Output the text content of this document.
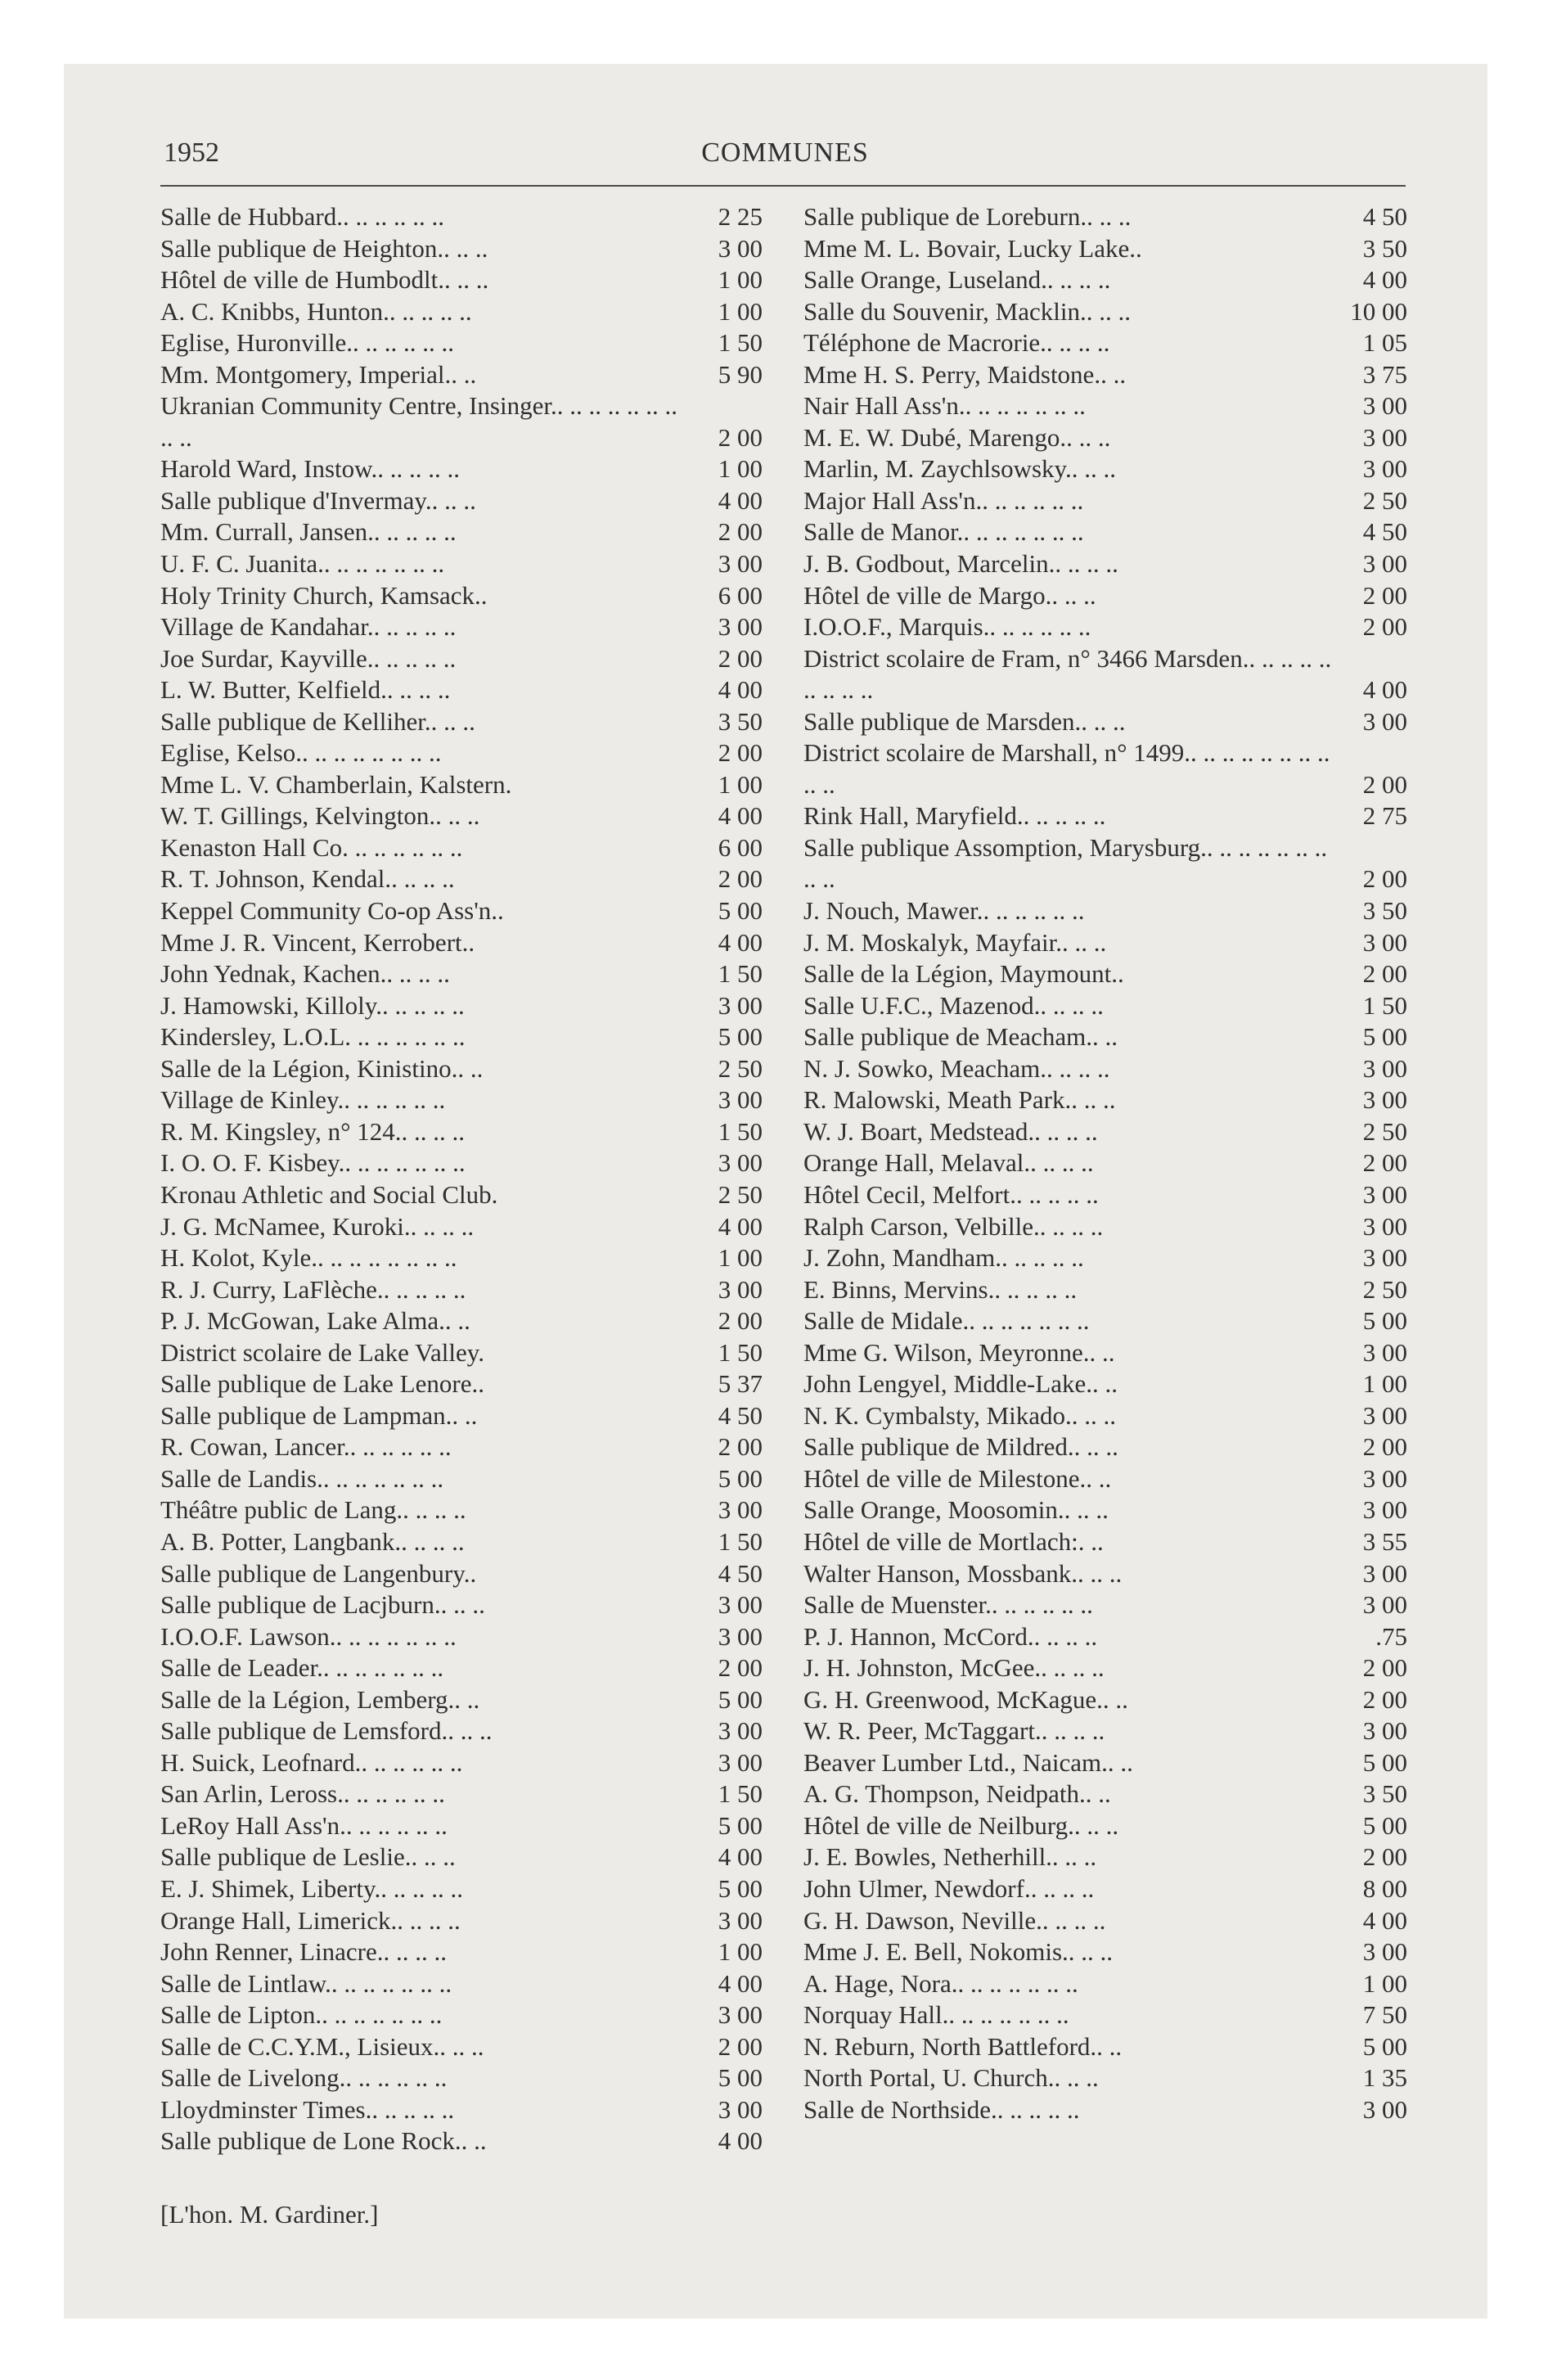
1952	COMMUNES
Salle de Hubbard.. .. .. .. .. ..	2 25
Salle publique de Heighton.. .. ..	3 00
Hôtel de ville de Humbodlt.. .. ..	1 00
A. C. Knibbs, Hunton.. .. .. .. ..	1 00
Eglise, Huronville.. .. .. .. .. ..	1 50
Mm. Montgomery, Imperial.. ..	5 90
Ukranian Community Centre, Insinger.. .. .. .. .. .. .. .. ..	2 00
Harold Ward, Instow.. .. .. .. ..	1 00
Salle publique d'Invermay.. .. ..	4 00
Mm. Currall, Jansen.. .. .. .. ..	2 00
U. F. C. Juanita.. .. .. .. .. .. ..	3 00
Holy Trinity Church, Kamsack..	6 00
Village de Kandahar.. .. .. .. ..	3 00
Joe Surdar, Kayville.. .. .. .. ..	2 00
L. W. Butter, Kelfield.. .. .. ..	4 00
Salle publique de Kelliher.. .. ..	3 50
Eglise, Kelso.. .. .. .. .. .. .. ..	2 00
Mme L. V. Chamberlain, Kalstern.	1 00
W. T. Gillings, Kelvington.. .. ..	4 00
Kenaston Hall Co. .. .. .. .. .. ..	6 00
R. T. Johnson, Kendal.. .. .. ..	2 00
Keppel Community Co-op Ass'n..	5 00
Mme J. R. Vincent, Kerrobert..	4 00
John Yednak, Kachen.. .. .. ..	1 50
J. Hamowski, Killoly.. .. .. .. ..	3 00
Kindersley, L.O.L. .. .. .. .. .. ..	5 00
Salle de la Légion, Kinistino.. ..	2 50
Village de Kinley.. .. .. .. .. ..	3 00
R. M. Kingsley, n° 124.. .. .. ..	1 50
I. O. O. F. Kisbey.. .. .. .. .. .. ..	3 00
Kronau Athletic and Social Club.	2 50
J. G. McNamee, Kuroki.. .. .. ..	4 00
H. Kolot, Kyle.. .. .. .. .. .. .. ..	1 00
R. J. Curry, LaFlèche.. .. .. .. ..	3 00
P. J. McGowan, Lake Alma.. ..	2 00
District scolaire de Lake Valley.	1 50
Salle publique de Lake Lenore..	5 37
Salle publique de Lampman.. ..	4 50
R. Cowan, Lancer.. .. .. .. .. ..	2 00
Salle de Landis.. .. .. .. .. .. ..	5 00
Théâtre public de Lang.. .. .. ..	3 00
A. B. Potter, Langbank.. .. .. ..	1 50
Salle publique de Langenbury..	4 50
Salle publique de Lacjburn.. .. ..	3 00
I.O.O.F. Lawson.. .. .. .. .. .. ..	3 00
Salle de Leader.. .. .. .. .. .. ..	2 00
Salle de la Légion, Lemberg.. ..	5 00
Salle publique de Lemsford.. .. ..	3 00
H. Suick, Leofnard.. .. .. .. .. ..	3 00
San Arlin, Leross.. .. .. .. .. ..	1 50
LeRoy Hall Ass'n.. .. .. .. .. ..	5 00
Salle publique de Leslie.. .. ..	4 00
E. J. Shimek, Liberty.. .. .. .. ..	5 00
Orange Hall, Limerick.. .. .. ..	3 00
John Renner, Linacre.. .. .. ..	1 00
Salle de Lintlaw.. .. .. .. .. .. ..	4 00
Salle de Lipton.. .. .. .. .. .. ..	3 00
Salle de C.C.Y.M., Lisieux.. .. ..	2 00
Salle de Livelong.. .. .. .. .. ..	5 00
Lloydminster Times.. .. .. .. ..	3 00
Salle publique de Lone Rock.. ..	4 00
Salle publique de Loreburn.. .. ..	4 50
Mme M. L. Bovair, Lucky Lake..	3 50
Salle Orange, Luseland.. .. .. ..	4 00
Salle du Souvenir, Macklin.. .. ..	10 00
Téléphone de Macrorie.. .. .. ..	1 05
Mme H. S. Perry, Maidstone.. ..	3 75
Nair Hall Ass'n.. .. .. .. .. .. ..	3 00
M. E. W. Dubé, Marengo.. .. ..	3 00
Marlin, M. Zaychlsowsky.. .. ..	3 00
Major Hall Ass'n.. .. .. .. .. ..	2 50
Salle de Manor.. .. .. .. .. .. ..	4 50
J. B. Godbout, Marcelin.. .. .. ..	3 00
Hôtel de ville de Margo.. .. ..	2 00
I.O.O.F., Marquis.. .. .. .. .. ..	2 00
District scolaire de Fram, n° 3466 Marsden.. .. .. .. .. .. .. .. ..	4 00
Salle publique de Marsden.. .. ..	3 00
District scolaire de Marshall, n° 1499.. .. .. .. .. .. .. .. .. ..	2 00
Rink Hall, Maryfield.. .. .. .. ..	2 75
Salle publique Assomption, Marysburg.. .. .. .. .. .. .. .. ..	2 00
J. Nouch, Mawer.. .. .. .. .. ..	3 50
J. M. Moskalyk, Mayfair.. .. ..	3 00
Salle de la Légion, Maymount..	2 00
Salle U.F.C., Mazenod.. .. .. ..	1 50
Salle publique de Meacham.. ..	5 00
N. J. Sowko, Meacham.. .. .. ..	3 00
R. Malowski, Meath Park.. .. ..	3 00
W. J. Boart, Medstead.. .. .. ..	2 50
Orange Hall, Melaval.. .. .. ..	2 00
Hôtel Cecil, Melfort.. .. .. .. ..	3 00
Ralph Carson, Velbille.. .. .. ..	3 00
J. Zohn, Mandham.. .. .. .. ..	3 00
E. Binns, Mervins.. .. .. .. ..	2 50
Salle de Midale.. .. .. .. .. .. ..	5 00
Mme G. Wilson, Meyronne.. ..	3 00
John Lengyel, Middle-Lake.. ..	1 00
N. K. Cymbalsty, Mikado.. .. ..	3 00
Salle publique de Mildred.. .. ..	2 00
Hôtel de ville de Milestone.. ..	3 00
Salle Orange, Moosomin.. .. ..	3 00
Hôtel de ville de Mortlach:. ..	3 55
Walter Hanson, Mossbank.. .. ..	3 00
Salle de Muenster.. .. .. .. .. ..	3 00
P. J. Hannon, McCord.. .. .. ..	.75
J. H. Johnston, McGee.. .. .. ..	2 00
G. H. Greenwood, McKague.. ..	2 00
W. R. Peer, McTaggart.. .. .. ..	3 00
Beaver Lumber Ltd., Naicam.. ..	5 00
A. G. Thompson, Neidpath.. ..	3 50
Hôtel de ville de Neilburg.. .. ..	5 00
J. E. Bowles, Netherhill.. .. ..	2 00
John Ulmer, Newdorf.. .. .. ..	8 00
G. H. Dawson, Neville.. .. .. ..	4 00
Mme J. E. Bell, Nokomis.. .. ..	3 00
A. Hage, Nora.. .. .. .. .. .. ..	1 00
Norquay Hall.. .. .. .. .. .. ..	7 50
N. Reburn, North Battleford.. ..	5 00
North Portal, U. Church.. .. ..	1 35
Salle de Northside.. .. .. .. ..	3 00
[L'hon. M. Gardiner.]
